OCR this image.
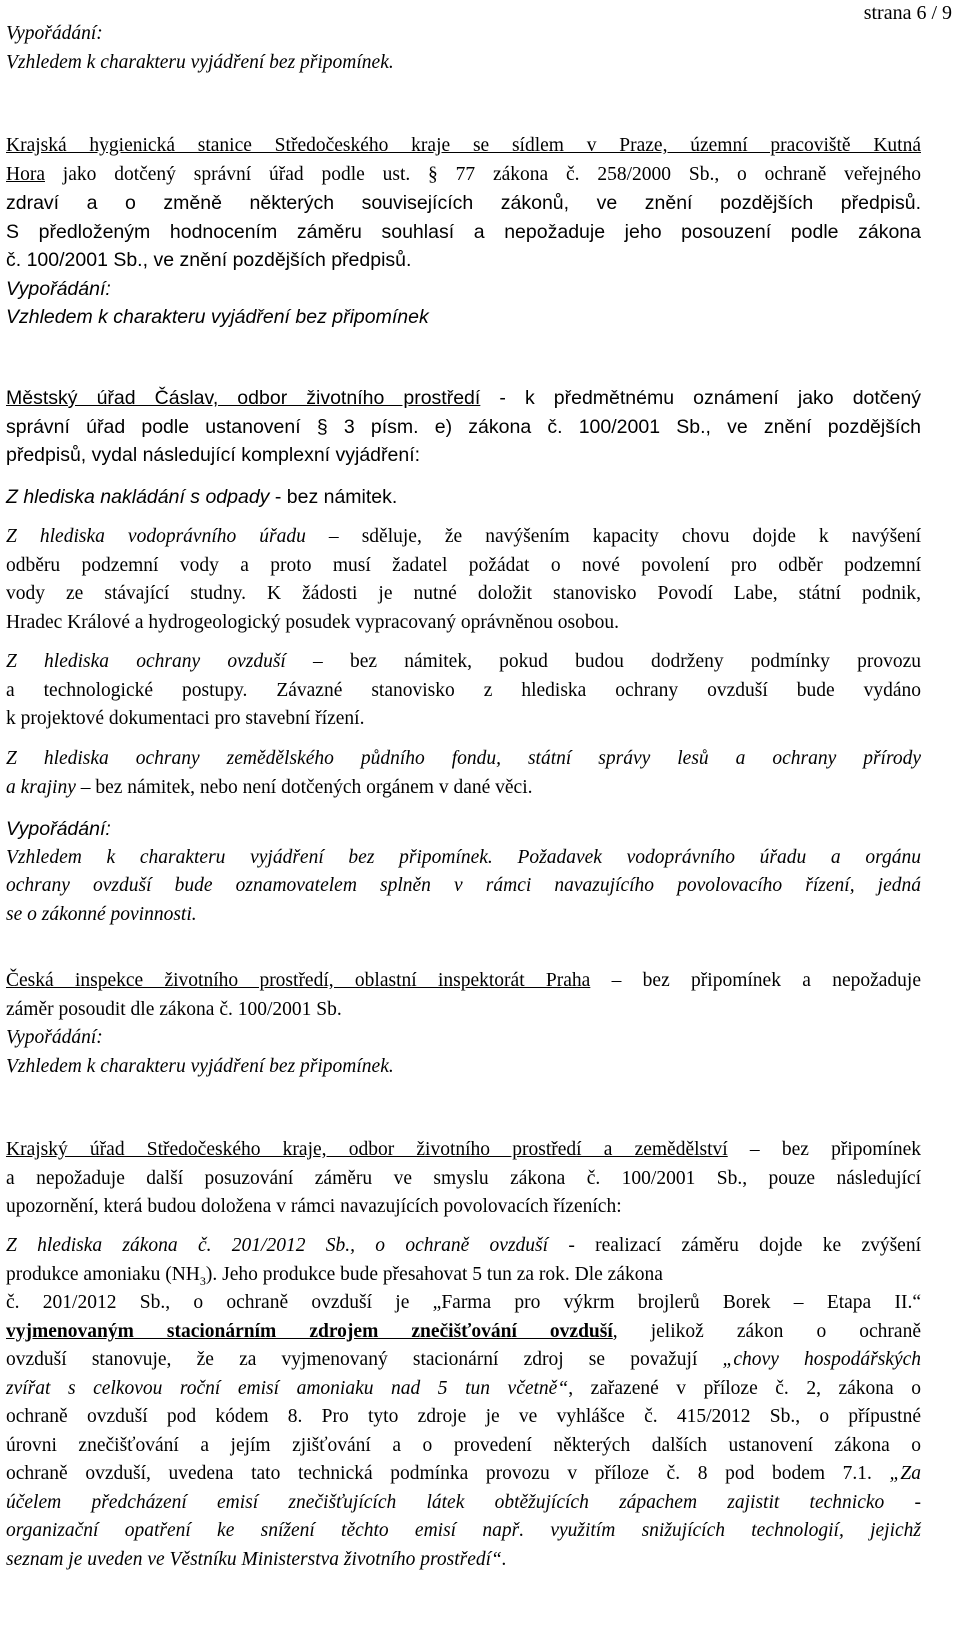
strana 6 / 9
Vypořádání:
Vzhledem k charakteru vyjádření bez připomínek.
Krajská hygienická stanice Středočeského kraje se sídlem v Praze, územní pracoviště Kutná
Hora jako dotčený správní úřad podle ust. § 77 zákona č. 258/2000 Sb., o ochraně veřejného
zdraví a o změně některých souvisejících zákonů, ve znění pozdějších předpisů.
S předloženým hodnocením záměru souhlasí a nepožaduje jeho posouzení podle zákona
č. 100/2001 Sb., ve znění pozdějších předpisů.
Vypořádání:
Vzhledem k charakteru vyjádření bez připomínek
Městský úřad Čáslav, odbor životního prostředí - k předmětnému oznámení jako dotčený
správní úřad podle ustanovení § 3 písm. e) zákona č. 100/2001 Sb., ve znění pozdějších
předpisů, vydal následující komplexní vyjádření:
Z hlediska nakládání s odpady - bez námitek.
Z hlediska vodoprávního úřadu – sděluje, že navýšením kapacity chovu dojde k navýšení
odběru podzemní vody a proto musí žadatel požádat o nové povolení pro odběr podzemní
vody ze stávající studny. K žádosti je nutné doložit stanovisko Povodí Labe, státní podnik,
Hradec Králové a hydrogeologický posudek vypracovaný oprávněnou osobou.
Z hlediska ochrany ovzduší – bez námitek, pokud budou dodrženy podmínky provozu
a technologické postupy. Závazné stanovisko z hlediska ochrany ovzduší bude vydáno
k projektové dokumentaci pro stavební řízení.
Z hlediska ochrany zemědělského půdního fondu, státní správy lesů a ochrany přírody
a krajiny – bez námitek, nebo není dotčených orgánem v dané věci.
Vypořádání:
Vzhledem k charakteru vyjádření bez připomínek. Požadavek vodoprávního úřadu a orgánu
ochrany ovzduší bude oznamovatelem splněn v rámci navazujícího povolovacího řízení, jedná
se o zákonné povinnosti.
Česká inspekce životního prostředí, oblastní inspektorát Praha – bez připomínek a nepožaduje
záměr posoudit dle zákona č. 100/2001 Sb.
Vypořádání:
Vzhledem k charakteru vyjádření bez připomínek.
Krajský úřad Středočeského kraje, odbor životního prostředí a zemědělství – bez připomínek
a nepožaduje další posuzování záměru ve smyslu zákona č. 100/2001 Sb., pouze následující
upozornění, která budou doložena v rámci navazujících povolovacích řízeních:
Z hlediska zákona č. 201/2012 Sb., o ochraně ovzduší - realizací záměru dojde ke zvýšení
produkce amoniaku $(NH_3)$. Jeho produkce bude přesahovat 5 tun za rok. Dle zákona
č. 201/2012 Sb., o ochraně ovzduší je „Farma pro výkrm brojlerů Borek – Etapa II.“
vyjmenovaným stacionárním zdrojem znečišťování ovzduší, jelikož zákon o ochraně
ovzduší stanovuje, že za vyjmenovaný stacionární zdroj se považují „chovy hospodářských
zvířat s celkovou roční emisí amoniaku nad 5 tun včetně“, zařazené v příloze č. 2, zákona o
ochraně ovzduší pod kódem 8. Pro tyto zdroje je ve vyhlášce č. 415/2012 Sb., o přípustné
úrovni znečišťování a jejím zjišťování a o provedení některých dalších ustanovení zákona o
ochraně ovzduší, uvedena tato technická podmínka provozu v příloze č. 8 pod bodem 7.1. „Za
účelem předcházení emisí znečišťujících látek obtěžujících zápachem zajistit technicko -
organizační opatření ke snížení těchto emisí např. využitím snižujících technologií, jejichž
seznam je uveden ve Věstníku Ministerstva životního prostředí“.
